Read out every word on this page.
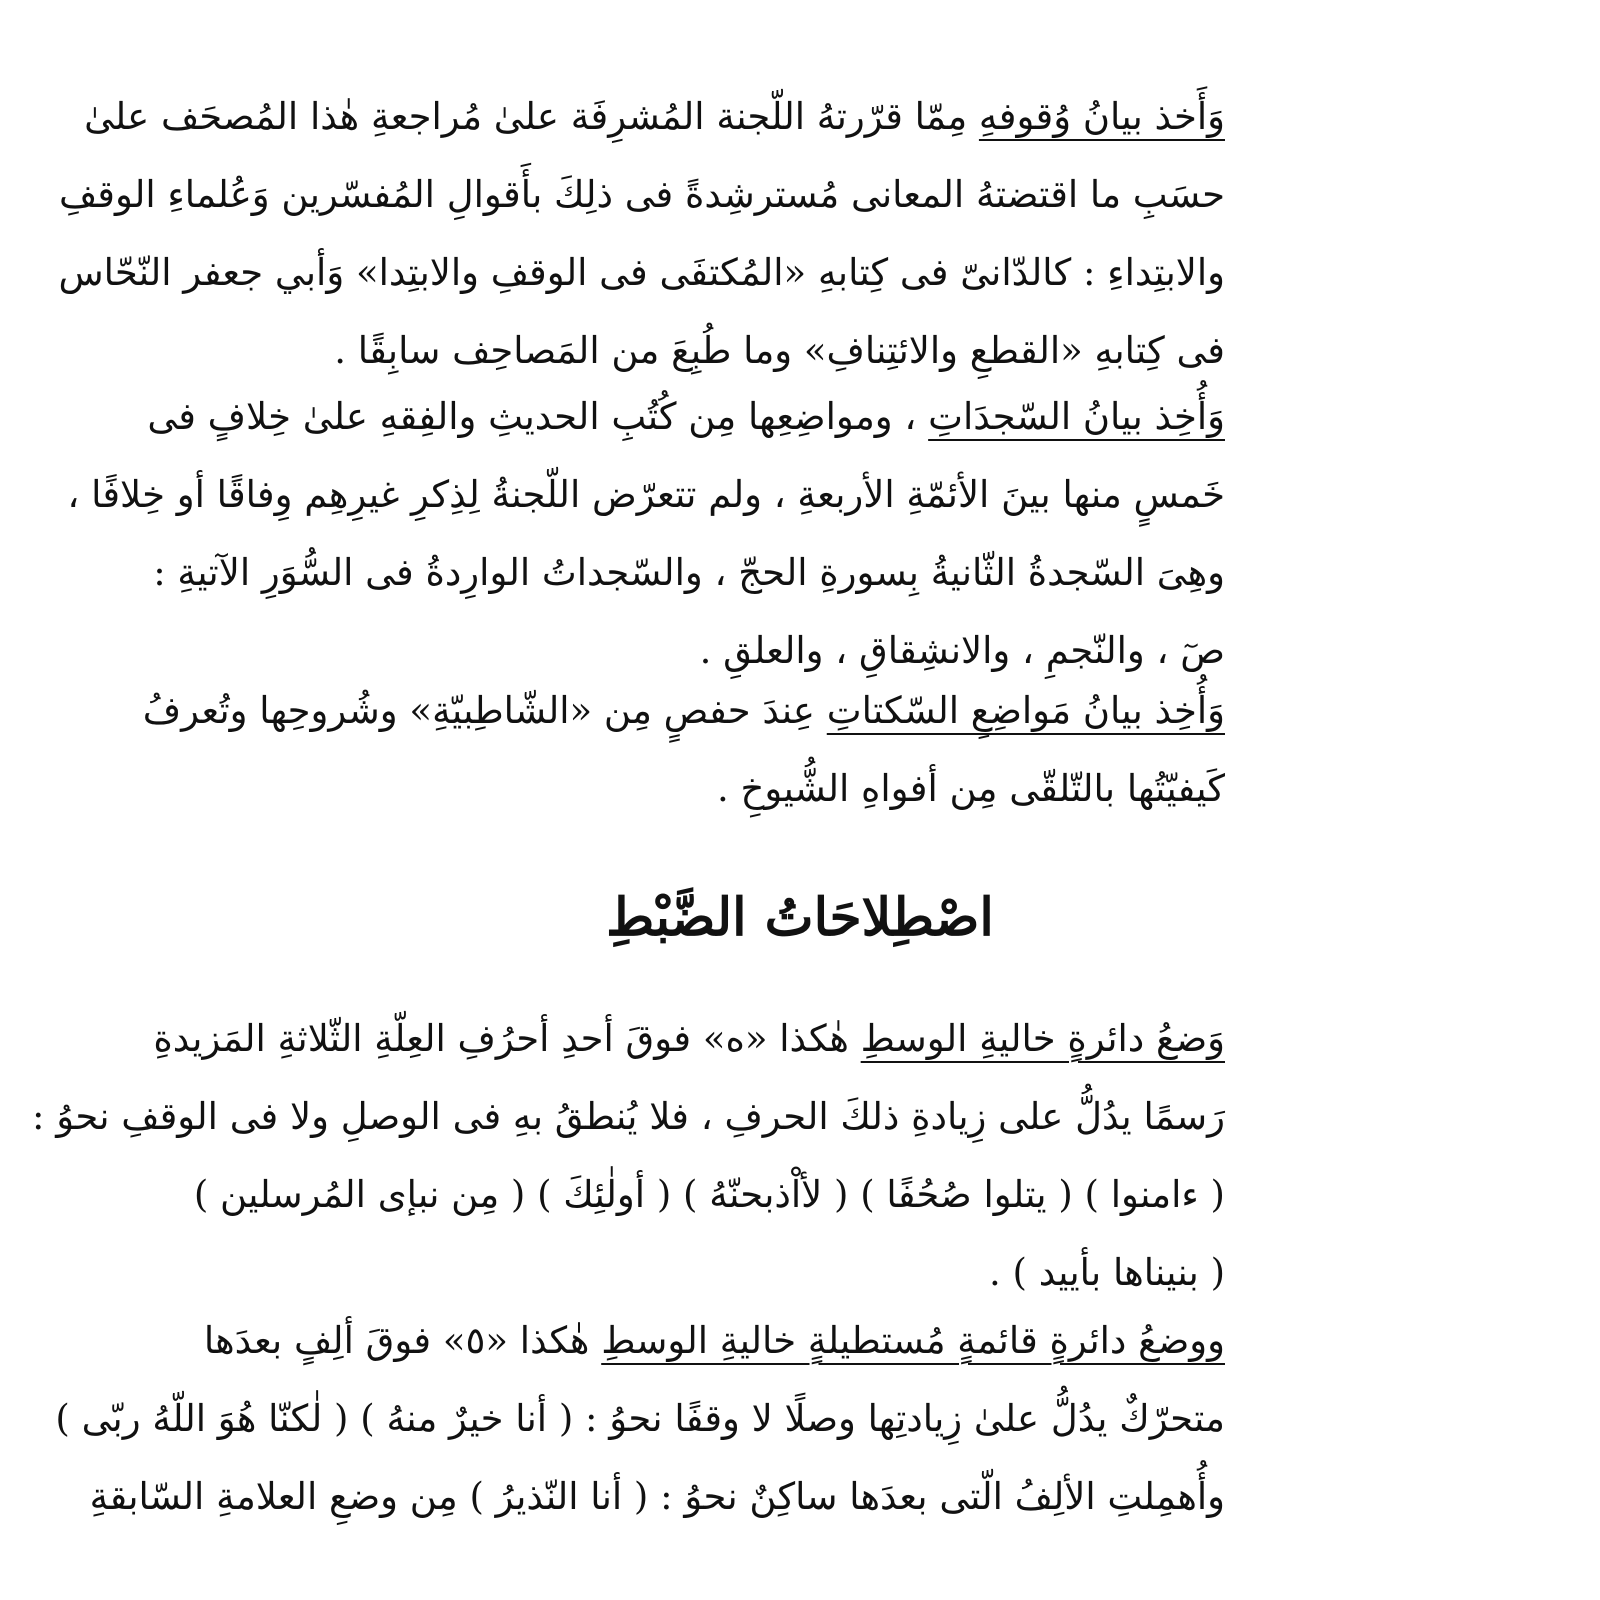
وَأَخذ بيانُ وُقوفهِ مِمّا قرّرتهُ اللّجنة المُشرِفَة علىٰ مُراجعةِ هٰذا المُصحَف علىٰ
حسَبِ ما اقتضتهُ المعانى مُسترشِدةً فى ذلِكَ بأَقوالِ المُفسّرين وَعُلماءِ الوقفِ
والابتِداءِ : كالدّانىّ فى كِتابهِ «المُكتفَى فى الوقفِ والابتِدا» وَأبي جعفر النّحّاس
فى كِتابهِ «القطعِ والائتِنافِ» وما طُبِعَ من المَصاحِف سابِقًا .
وَأُخِذ بيانُ السّجدَاتِ ، ومواضِعِها مِن كُتُبِ الحديثِ والفِقهِ علىٰ خِلافٍ فى
خَمسٍ منها بينَ الأئمّةِ الأربعةِ ، ولم تتعرّض اللّجنةُ لِذِكرِ غيرِهِم وِفاقًا أو خِلافًا ،
وهِىَ السّجدةُ الثّانيةُ بِسورةِ الحجّ ، والسّجداتُ الوارِدةُ فى السُّوَرِ الآتيةِ :
صٓ ، والنّجمِ ، والانشِقاقِ ، والعلقِ .
وَأُخِذ بيانُ مَواضِعِ السّكتاتِ عِندَ حفصٍ مِن «الشّاطِبيّةِ» وشُروحِها وتُعرفُ
كَيفيّتُها بالتّلقّى مِن أفواهِ الشُّيوخِ .
اصْطِلاحَاتُ الضَّبْطِ
وَضعُ دائرةٍ خاليةِ الوسطِ هٰكذا «ه» فوقَ أحدِ أحرُفِ العِلّةِ الثّلاثةِ المَزيدةِ
رَسمًا يدُلُّ على زِيادةِ ذلكَ الحرفِ ، فلا يُنطقُ بهِ فى الوصلِ ولا فى الوقفِ نحوُ :
( ءامنوا ) ( يتلوا صُحُفًا ) ( لأاْذبحنّهُ ) ( أولٰئِكَ ) ( مِن نبإى المُرسلين )
( بنيناها بأييد ) .
ووضعُ دائرةٍ قائمةٍ مُستطيلةٍ خاليةِ الوسطِ هٰكذا «٥» فوقَ ألِفٍ بعدَها
متحرّكٌ يدُلُّ علىٰ زِيادتِها وصلًا لا وقفًا نحوُ : ( أنا خيرٌ منهُ ) ( لٰكنّا هُوَ اللّهُ ربّى )
وأُهمِلتِ الألِفُ الّتى بعدَها ساكِنٌ نحوُ : ( أنا النّذيرُ ) مِن وضعِ العلامةِ السّابقةِ
